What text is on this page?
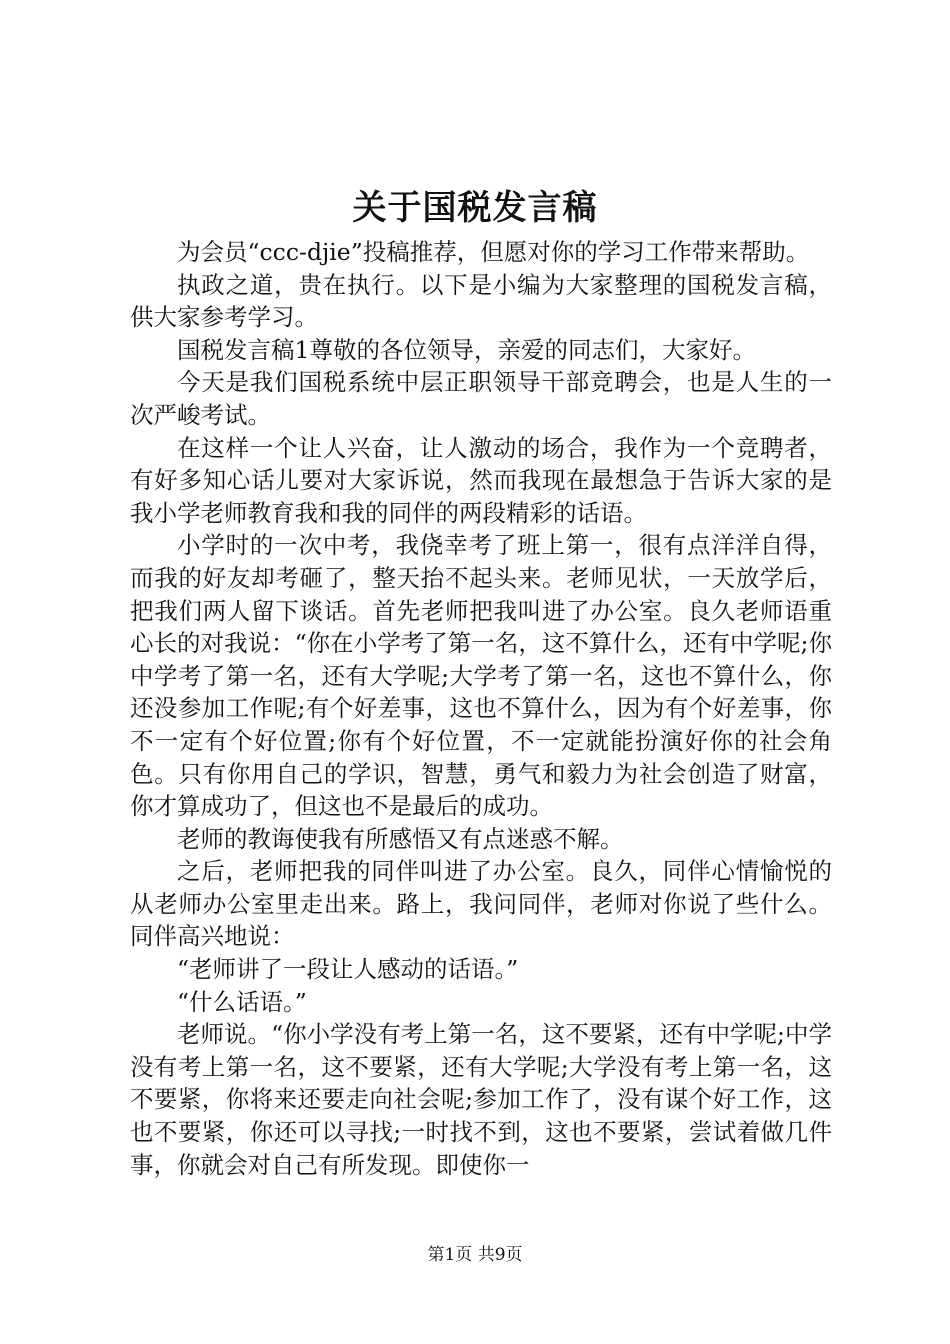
关于国税发言稿

为会员“ccc-djie”投稿推荐，但愿对你的学习工作带来帮助。

执政之道，贵在执行。以下是小编为大家整理的国税发言稿，供大家参考学习。

国税发言稿1尊敬的各位领导，亲爱的同志们，大家好。

今天是我们国税系统中层正职领导干部竞聘会，也是人生的一次严峻考试。

在这样一个让人兴奋，让人激动的场合，我作为一个竞聘者，有好多知心话儿要对大家诉说，然而我现在最想急于告诉大家的是我小学老师教育我和我的同伴的两段精彩的话语。

小学时的一次中考，我侥幸考了班上第一，很有点洋洋自得，而我的好友却考砸了，整天抬不起头来。老师见状，一天放学后，把我们两人留下谈话。首先老师把我叫进了办公室。良久老师语重心长的对我说：“你在小学考了第一名，这不算什么，还有中学呢;你中学考了第一名，还有大学呢;大学考了第一名，这也不算什么，你还没参加工作呢;有个好差事，这也不算什么，因为有个好差事，你不一定有个好位置;你有个好位置，不一定就能扮演好你的社会角色。只有你用自己的学识，智慧，勇气和毅力为社会创造了财富，你才算成功了，但这也不是最后的成功。

老师的教诲使我有所感悟又有点迷惑不解。

之后，老师把我的同伴叫进了办公室。良久，同伴心情愉悦的从老师办公室里走出来。路上，我问同伴，老师对你说了些什么。同伴高兴地说：

“老师讲了一段让人感动的话语。”

“什么话语。”

老师说。“你小学没有考上第一名，这不要紧，还有中学呢;中学没有考上第一名，这不要紧，还有大学呢;大学没有考上第一名，这不要紧，你将来还要走向社会呢;参加工作了，没有谋个好工作，这也不要紧，你还可以寻找;一时找不到，这也不要紧，尝试着做几件事，你就会对自己有所发现。即使你一

第1页 共9页
